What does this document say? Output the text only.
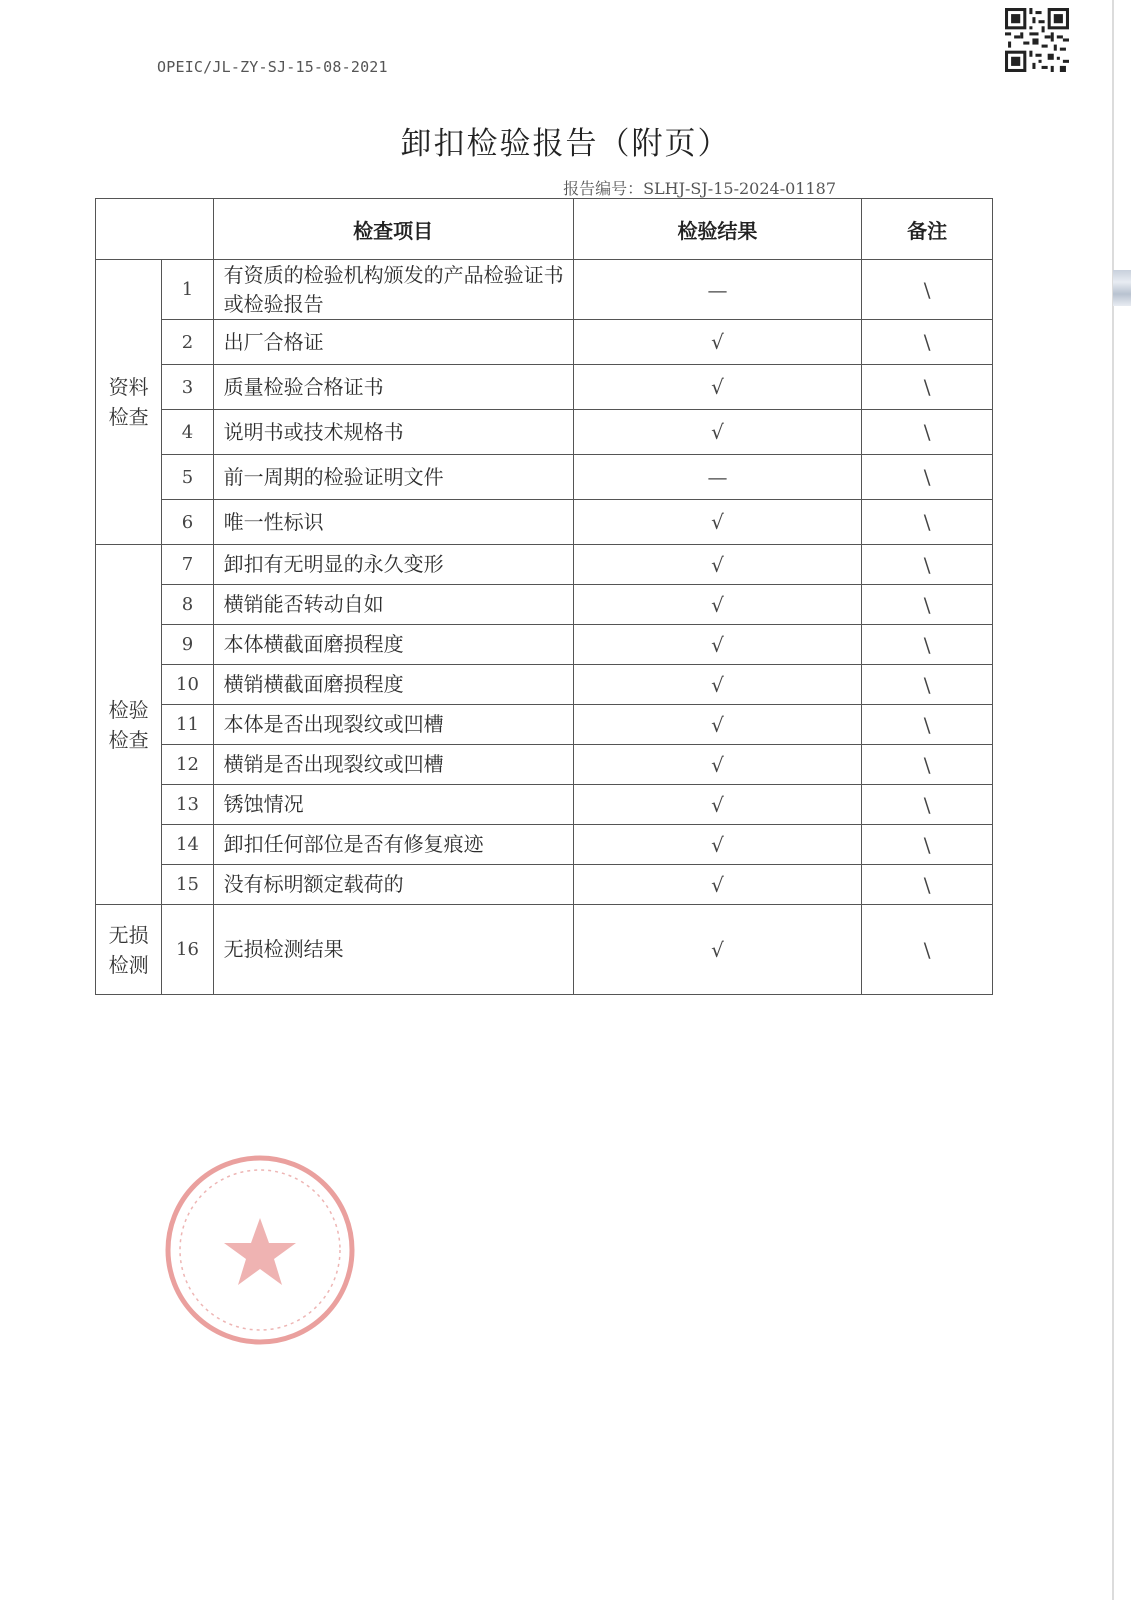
OPEIC/JL-ZY-SJ-15-08-2021
卸扣检验报告（附页）
报告编号：SLHJ-SJ-15-2024-01187
		检查项目	检验结果	备注

资料
检查	1	有资质的检验机构颁发的产品检验证书或检验报告	—	\
	2	出厂合格证	√	\
	3	质量检验合格证书	√	\
	4	说明书或技术规格书	√	\
	5	前一周期的检验证明文件	—	\
	6	唯一性标识	√	\

检验
检查	7	卸扣有无明显的永久变形	√	\
	8	横销能否转动自如	√	\
	9	本体横截面磨损程度	√	\
	10	横销横截面磨损程度	√	\
	11	本体是否出现裂纹或凹槽	√	\
	12	横销是否出现裂纹或凹槽	√	\
	13	锈蚀情况	√	\
	14	卸扣任何部位是否有修复痕迹	√	\
	15	没有标明额定载荷的	√	\

无损
检测	16	无损检测结果	√	\
